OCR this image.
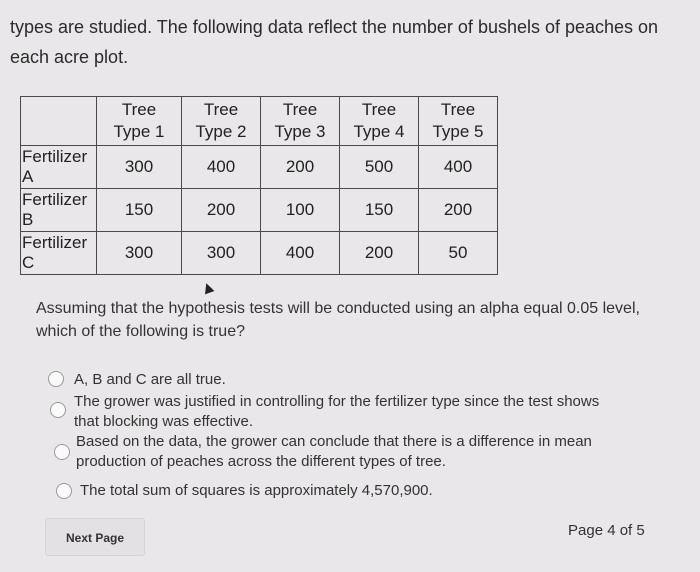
types are studied. The following data reflect the number of bushels of peaches on
each acre plot.
	Tree
Type 1	Tree
Type 2	Tree
Type 3	Tree
Type 4	Tree
Type 5
Fertilizer
A	300	400	200	500	400
Fertilizer
B	150	200	100	150	200
Fertilizer
C	300	300	400	200	50
Assuming that the hypothesis tests will be conducted using an alpha equal 0.05 level,
which of the following is true?
A, B and C are all true.
The grower was justified in controlling for the fertilizer type since the test shows
that blocking was effective.
Based on the data, the grower can conclude that there is a difference in mean
production of peaches across the different types of tree.
The total sum of squares is approximately 4,570,900.
Next Page	Page 4 of 5
